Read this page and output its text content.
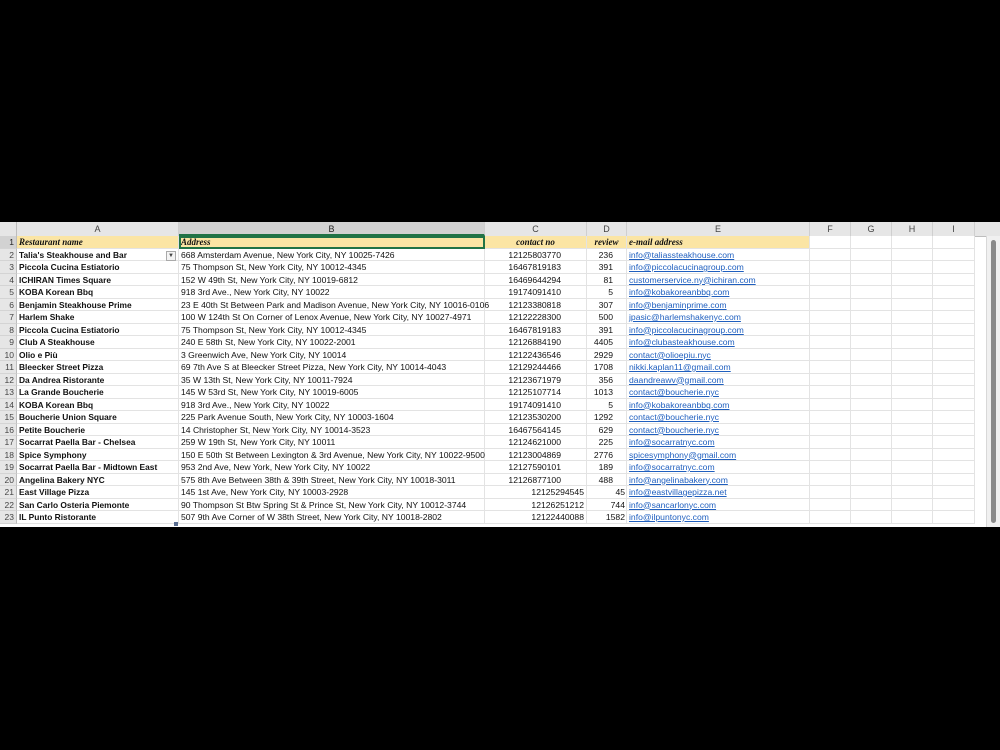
A	B	C	D	E	F	G	H	I
1 Restaurant name	Address	contact no	review	e-mail address
2 Talia's Steakhouse and Bar	668 Amsterdam Avenue, New York City, NY 10025-7426	12125803770	236	info@taliassteakhouse.com
3 Piccola Cucina Estiatorio	75 Thompson St, New York City, NY 10012-4345	16467819183	391	info@piccolacucinagroup.com
4 ICHIRAN Times Square	152 W 49th St, New York City, NY 10019-6812	16469644294	81	customerservice.ny@ichiran.com
5 KOBA Korean Bbq	918 3rd Ave., New York City, NY 10022	19174091410	5	info@kobakoreanbbq.com
6 Benjamin Steakhouse Prime	23 E 40th St Between Park and Madison Avenue, New York City, NY 10016-0106	12123380818	307	info@benjaminprime.com
7 Harlem Shake	100 W 124th St On Corner of Lenox Avenue, New York City, NY 10027-4971	12122228300	500	jpasic@harlemshakenyc.com
8 Piccola Cucina Estiatorio	75 Thompson St, New York City, NY 10012-4345	16467819183	391	info@piccolacucinagroup.com
9 Club A Steakhouse	240 E 58th St, New York City, NY 10022-2001	12126884190	4405	info@clubasteakhouse.com
10 Olio e Più	3 Greenwich Ave, New York City, NY 10014	12122436546	2929	contact@olioepiu.nyc
11 Bleecker Street Pizza	69 7th Ave S at Bleecker Street Pizza, New York City, NY 10014-4043	12129244466	1708	nikki.kaplan11@gmail.com
12 Da Andrea Ristorante	35 W 13th St, New York City, NY 10011-7924	12123671979	356	daandreawv@gmail.com
13 La Grande Boucherie	145 W 53rd St, New York City, NY 10019-6005	12125107714	1013	contact@boucherie.nyc
14 KOBA Korean Bbq	918 3rd Ave., New York City, NY 10022	19174091410	5	info@kobakoreanbbq.com
15 Boucherie Union Square	225 Park Avenue South, New York City, NY 10003-1604	12123530200	1292	contact@boucherie.nyc
16 Petite Boucherie	14 Christopher St, New York City, NY 10014-3523	16467564145	629	contact@boucherie.nyc
17 Socarrat Paella Bar - Chelsea	259 W 19th St, New York City, NY 10011	12124621000	225	info@socarratnyc.com
18 Spice Symphony	150 E 50th St Between Lexington & 3rd Avenue, New York City, NY 10022-9500	12123004869	2776	spicesymphony@gmail.com
19 Socarrat Paella Bar - Midtown East	953 2nd Ave, New York, New York City, NY 10022	12127590101	189	info@socarratnyc.com
20 Angelina Bakery NYC	575 8th Ave Between 38th & 39th Street, New York City, NY 10018-3011	12126877100	488	info@angelinabakery.com
21 East Village Pizza	145 1st Ave, New York City, NY 10003-2928	12125294545	45 info@eastvillagepizza.net
22 San Carlo Osteria Piemonte	90 Thompson St Btw Spring St & Prince St, New York City, NY 10012-3744	12126251212	744 info@sancarlonyc.com
23 IL Punto Ristorante	507 9th Ave Corner of W 38th Street, New York City, NY 10018-2802	12122440088	1582 info@ilpuntonyc.com
▼
